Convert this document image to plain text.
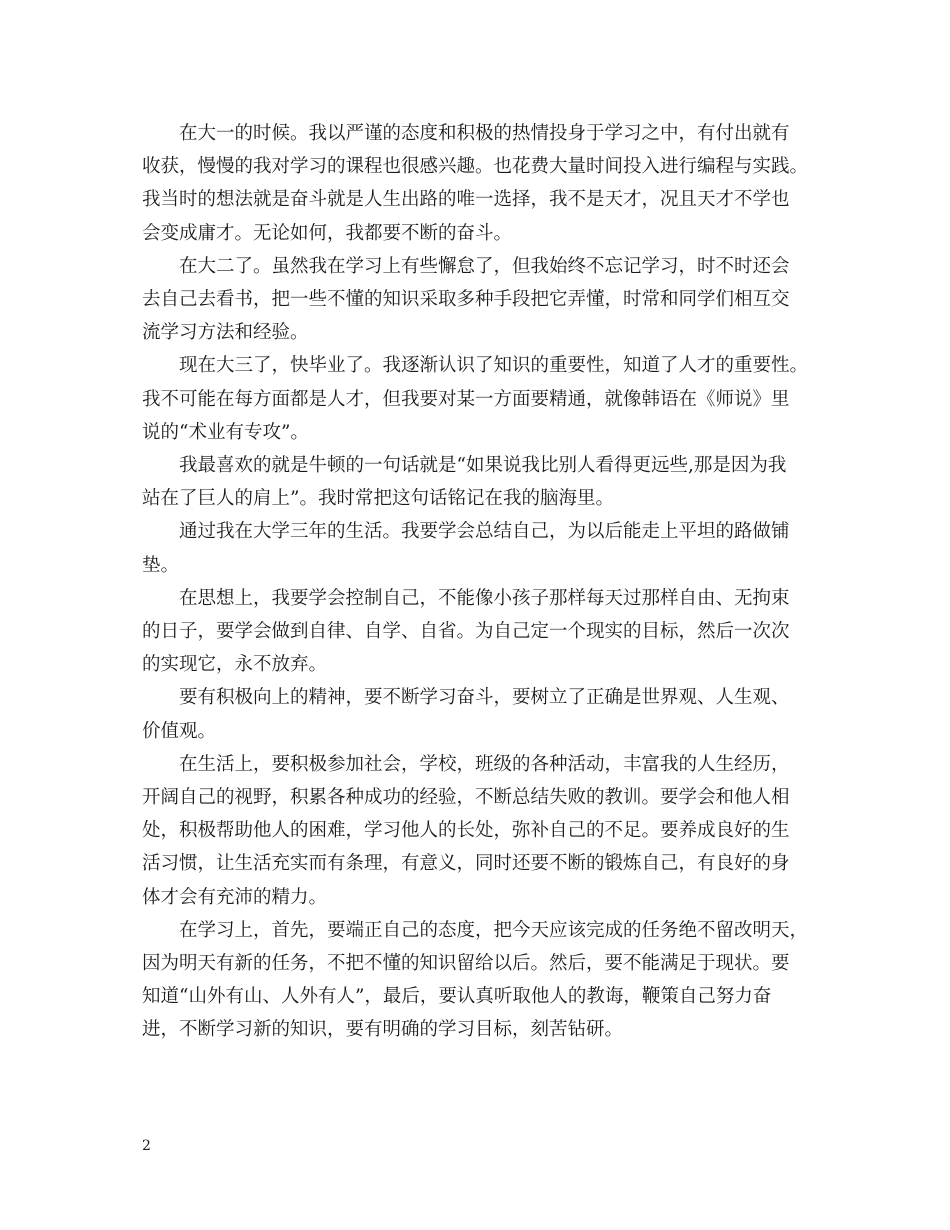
在大一的时候。我以严谨的态度和积极的热情投身于学习之中，有付出就有
收获，慢慢的我对学习的课程也很感兴趣。也花费大量时间投入进行编程与实践。
我当时的想法就是奋斗就是人生出路的唯一选择，我不是天才，况且天才不学也
会变成庸才。无论如何，我都要不断的奋斗。

在大二了。虽然我在学习上有些懈怠了，但我始终不忘记学习，时不时还会
去自己去看书，把一些不懂的知识采取多种手段把它弄懂，时常和同学们相互交
流学习方法和经验。

现在大三了，快毕业了。我逐渐认识了知识的重要性，知道了人才的重要性。
我不可能在每方面都是人才，但我要对某一方面要精通，就像韩语在《师说》里
说的“术业有专攻”。

我最喜欢的就是牛顿的一句话就是“如果说我比别人看得更远些,那是因为我
站在了巨人的肩上”。我时常把这句话铭记在我的脑海里。

通过我在大学三年的生活。我要学会总结自己，为以后能走上平坦的路做铺
垫。

在思想上，我要学会控制自己，不能像小孩子那样每天过那样自由、无拘束
的日子，要学会做到自律、自学、自省。为自己定一个现实的目标，然后一次次
的实现它，永不放弃。

要有积极向上的精神，要不断学习奋斗，要树立了正确是世界观、人生观、
价值观。

在生活上，要积极参加社会，学校，班级的各种活动，丰富我的人生经历，
开阔自己的视野，积累各种成功的经验，不断总结失败的教训。要学会和他人相
处，积极帮助他人的困难，学习他人的长处，弥补自己的不足。要养成良好的生
活习惯，让生活充实而有条理，有意义，同时还要不断的锻炼自己，有良好的身
体才会有充沛的精力。

在学习上，首先，要端正自己的态度，把今天应该完成的任务绝不留改明天，
因为明天有新的任务，不把不懂的知识留给以后。然后，要不能满足于现状。要
知道“山外有山、人外有人”，最后，要认真听取他人的教诲，鞭策自己努力奋
进，不断学习新的知识，要有明确的学习目标，刻苦钻研。

2
